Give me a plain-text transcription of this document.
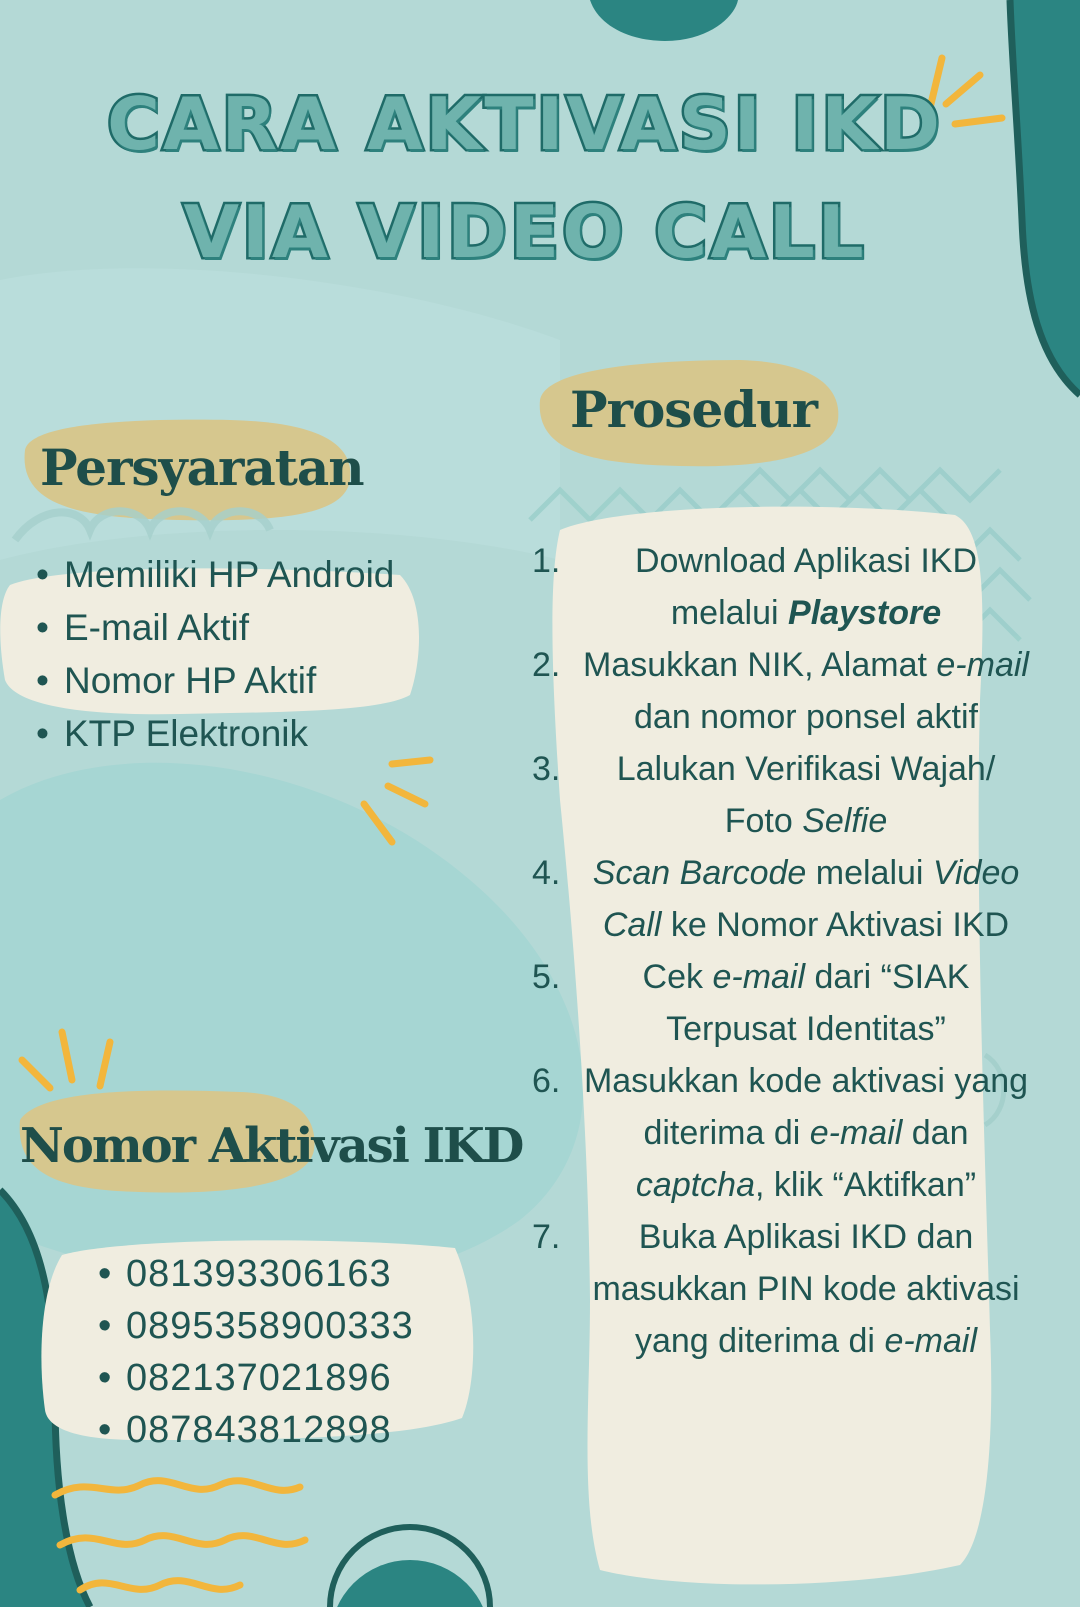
CARA AKTIVASI IKD
VIA VIDEO CALL
Persyaratan
• Memiliki HP Android
• E-mail Aktif
• Nomor HP Aktif
• KTP Elektronik
Prosedur
1.	Download Aplikasi IKD melalui Playstore
2. Masukkan NIK, Alamat e-mail dan nomor ponsel aktif
3.	Lalukan Verifikasi Wajah/ Foto Selfie
4. Scan Barcode melalui Video Call ke Nomor Aktivasi IKD
5.	Cek e-mail dari “SIAK Terpusat Identitas”
6. Masukkan kode aktivasi yang diterima di e-mail dan captcha, klik “Aktifkan”
7.	Buka Aplikasi IKD dan masukkan PIN kode aktivasi yang diterima di e-mail
Nomor Aktivasi IKD
• 081393306163
• 0895358900333
• 082137021896
• 087843812898
